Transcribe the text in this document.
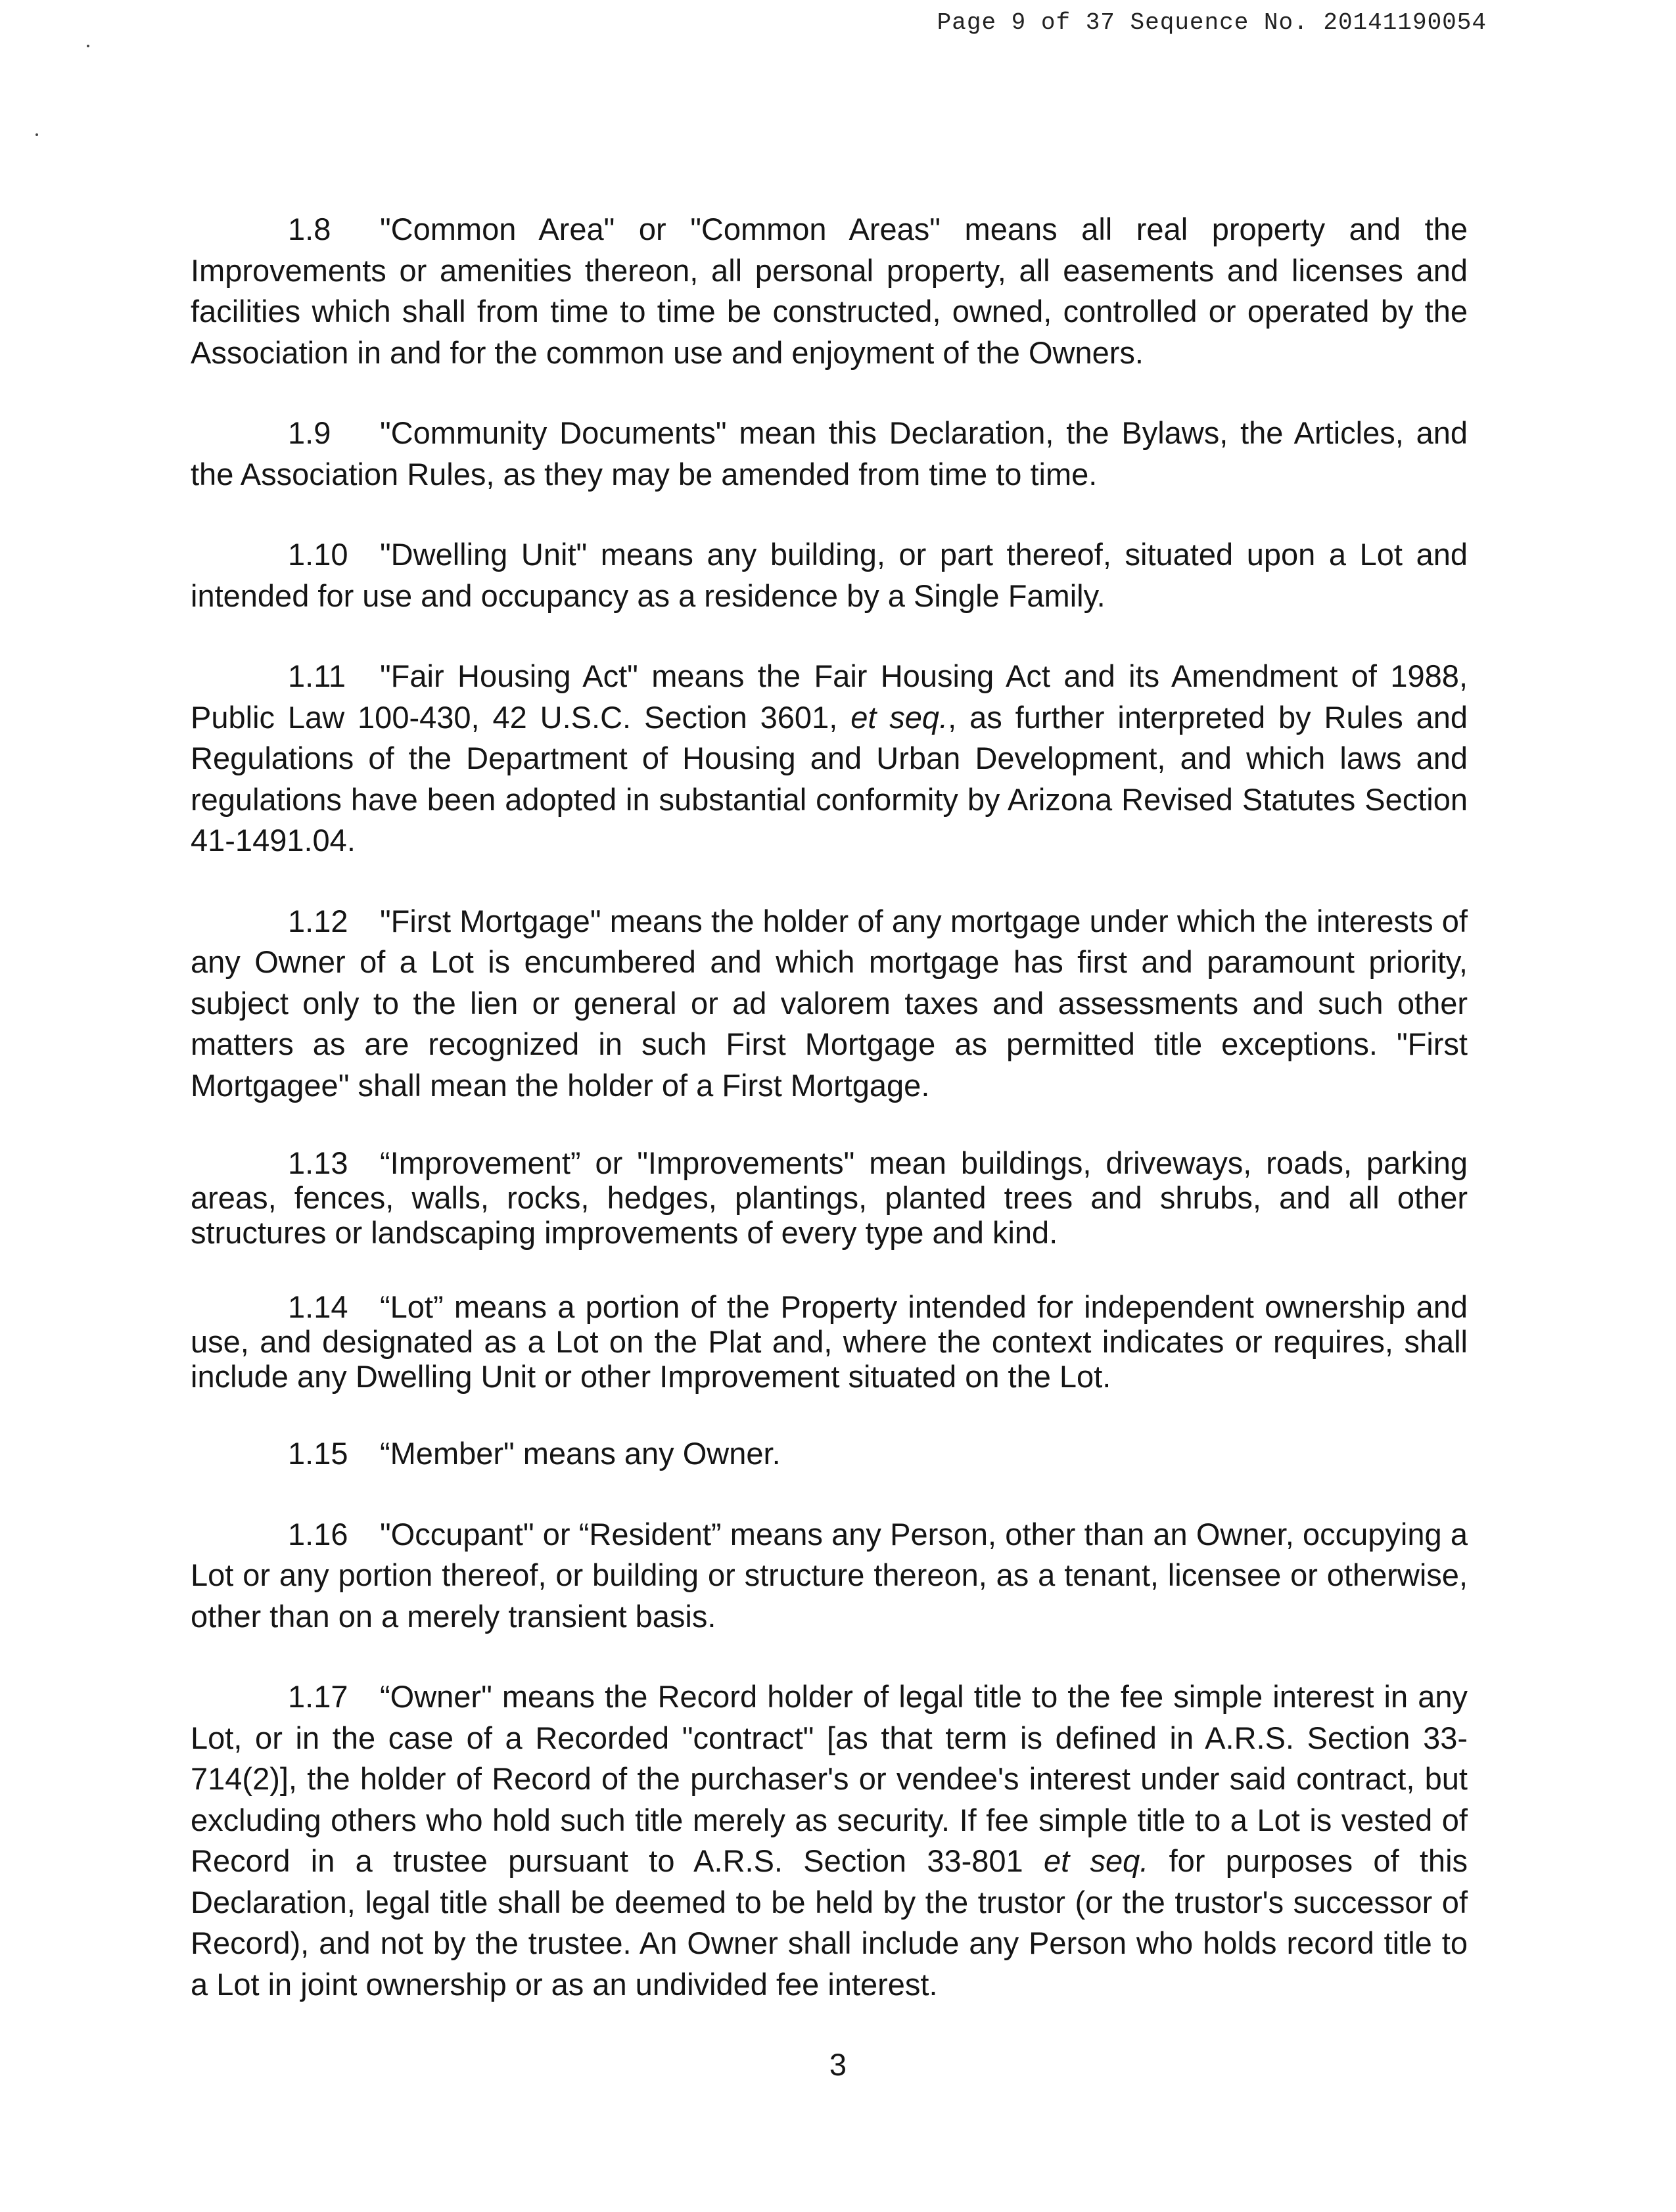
Page 9 of 37 Sequence No. 20141190054

1.8 "Common Area" or "Common Areas" means all real property and the Improvements or amenities thereon, all personal property, all easements and licenses and facilities which shall from time to time be constructed, owned, controlled or operated by the Association in and for the common use and enjoyment of the Owners.

1.9 "Community Documents" mean this Declaration, the Bylaws, the Articles, and the Association Rules, as they may be amended from time to time.

1.10 "Dwelling Unit" means any building, or part thereof, situated upon a Lot and intended for use and occupancy as a residence by a Single Family.

1.11 "Fair Housing Act" means the Fair Housing Act and its Amendment of 1988, Public Law 100-430, 42 U.S.C. Section 3601, et seq., as further interpreted by Rules and Regulations of the Department of Housing and Urban Development, and which laws and regulations have been adopted in substantial conformity by Arizona Revised Statutes Section 41-1491.04.

1.12 "First Mortgage" means the holder of any mortgage under which the interests of any Owner of a Lot is encumbered and which mortgage has first and paramount priority, subject only to the lien or general or ad valorem taxes and assessments and such other matters as are recognized in such First Mortgage as permitted title exceptions. "First Mortgagee" shall mean the holder of a First Mortgage.

1.13 “Improvement” or "Improvements" mean buildings, driveways, roads, parking areas, fences, walls, rocks, hedges, plantings, planted trees and shrubs, and all other structures or landscaping improvements of every type and kind.

1.14 “Lot” means a portion of the Property intended for independent ownership and use, and designated as a Lot on the Plat and, where the context indicates or requires, shall include any Dwelling Unit or other Improvement situated on the Lot.

1.15 “Member" means any Owner.

1.16 "Occupant" or “Resident” means any Person, other than an Owner, occupying a Lot or any portion thereof, or building or structure thereon, as a tenant, licensee or otherwise, other than on a merely transient basis.

1.17 “Owner" means the Record holder of legal title to the fee simple interest in any Lot, or in the case of a Recorded "contract" [as that term is defined in A.R.S. Section 33-714(2)], the holder of Record of the purchaser's or vendee's interest under said contract, but excluding others who hold such title merely as security. If fee simple title to a Lot is vested of Record in a trustee pursuant to A.R.S. Section 33-801 et seq. for purposes of this Declaration, legal title shall be deemed to be held by the trustor (or the trustor's successor of Record), and not by the trustee. An Owner shall include any Person who holds record title to a Lot in joint ownership or as an undivided fee interest.

3
